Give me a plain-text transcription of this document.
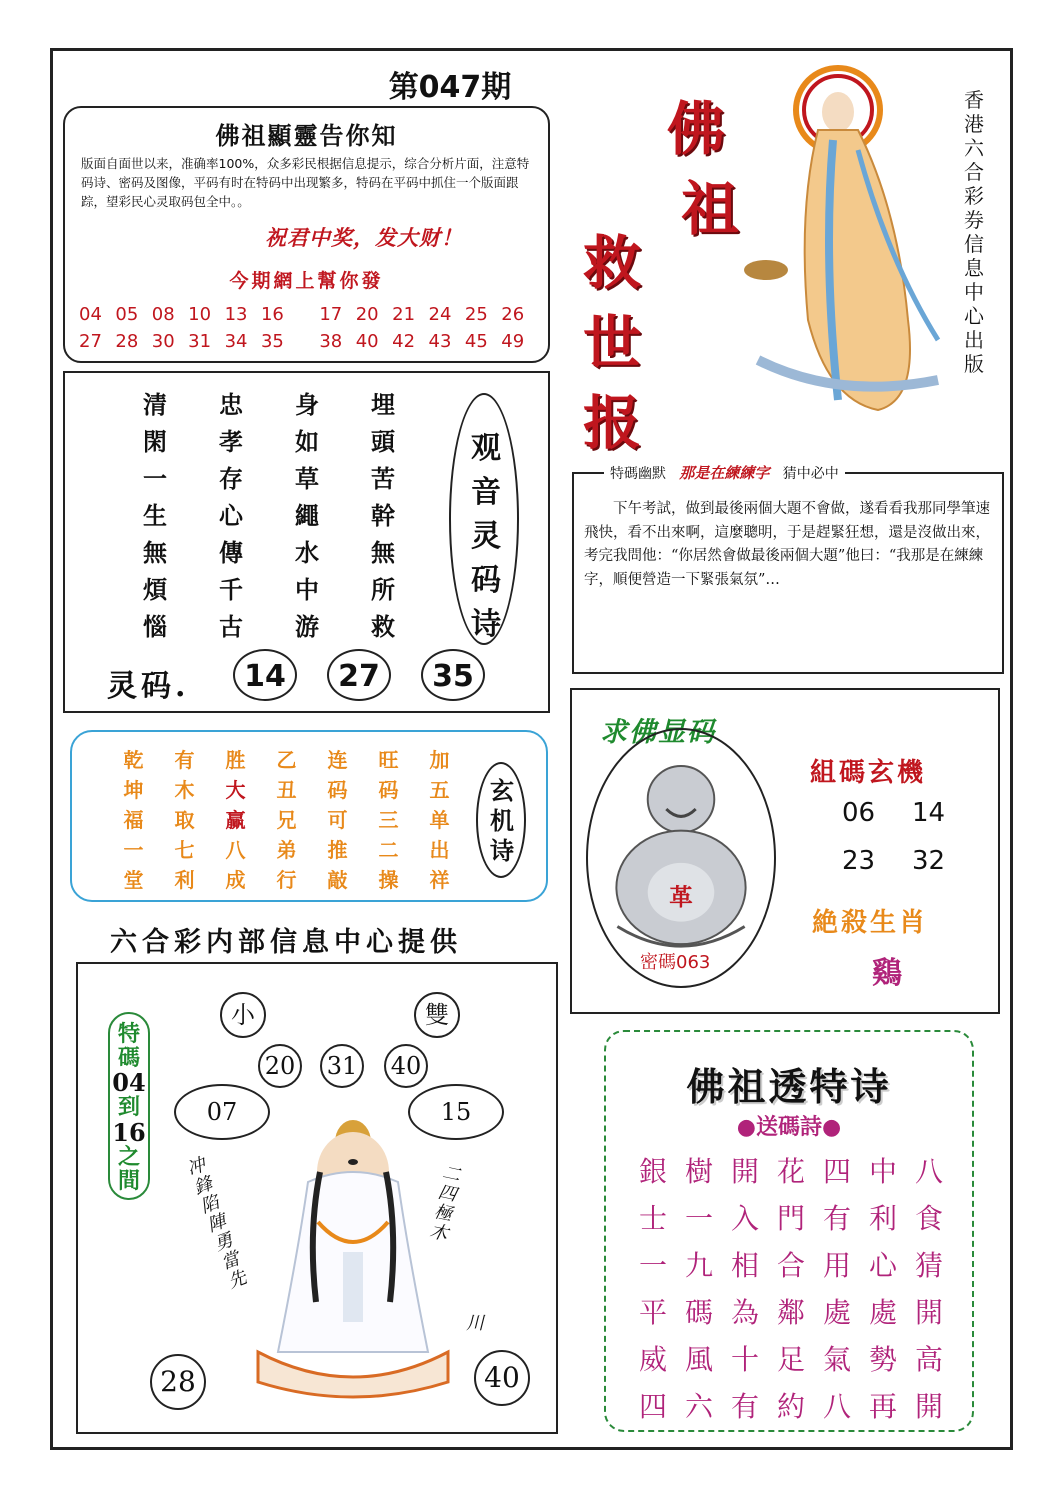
第047期
佛祖顯靈告你知
版面自面世以来，准确率100%，众多彩民根据信息提示，综合分析片面，注意特码诗、密码及图像，平码有时在特码中出现繁多，特码在平码中抓住一个版面跟踪，望彩民心灵取码包全中。。
祝君中奖，发大财！
今期網上幫你發
04 05 08 10 13 16	17 20 21 24 25 26
27 28 30 31 34 35	38 40 42 43 45 49
清	忠	身	埋
閑	孝	如	頭
一	存	草	苦
生	心	繩	幹
無	傳	水	無
煩	千	中	所
惱	古	游	救
观音灵码诗
灵码.	14	27	35
乾	有	胜	乙	连	旺	加
坤	木	大	丑	码	码	五
福	取	赢	兄	可	三	单
一	七	八	弟	推	二	出
堂	利	成	行	敲	操	祥
玄机诗
六合彩内部信息中心提供
特碼
04
到
16
之間
小	雙
20 31 40
07	15
冲鋒陷陣勇當先
二四極木
川
28	40
佛
祖
救
世
报
香港六合彩券信息中心出版
特碼幽默 那是在練練字 猜中必中
　　下午考試，做到最後兩個大題不會做，遂看看我那同學筆速飛快，看不出來啊，這麼聰明，于是趕緊狂想，還是沒做出來，考完我問他：“你居然會做最後兩個大題”他曰：“我那是在練練字，順便營造一下緊張氣氛”…
求佛显码
革
密碼063
組碼玄機
06	14
23	32
絶殺生肖
鷄
佛祖透特诗
●送碼詩●
銀 樹 開 花 四 中 八
士 一 入 門 有 利 食
一 九 相 合 用 心 猜
平 碼 為 鄰 處 處 開
威 風 十 足 氣 勢 高
四 六 有 約 八 再 開
